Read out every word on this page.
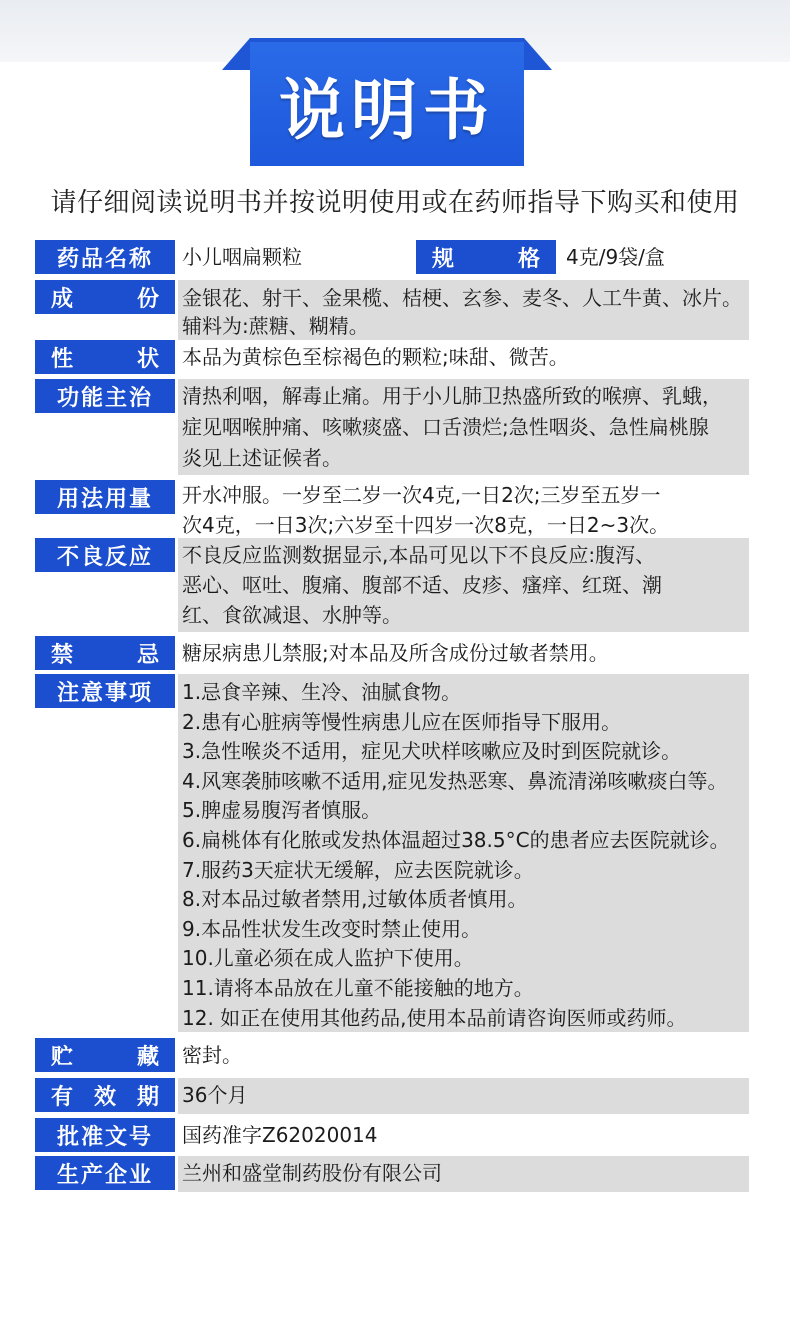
说明书
请仔细阅读说明书并按说明使用或在药师指导下购买和使用
药品名称	小儿咽扁颗粒	规	格 4克/9袋/盒
成	份 金银花、射干、金果榄、桔梗、玄参、麦冬、人工牛黄、冰片。
辅料为:蔗糖、糊精。
性	状 本品为黄棕色至棕褐色的颗粒;味甜、微苦。
功能主治	清热利咽，解毒止痛。用于小儿肺卫热盛所致的喉痹、乳蛾，
症见咽喉肿痛、咳嗽痰盛、口舌溃烂;急性咽炎、急性扁桃腺
炎见上述证候者。
用法用量	开水冲服。一岁至二岁一次4克,一日2次;三岁至五岁一
次4克，一日3次;六岁至十四岁一次8克，一日2~3次。
不良反应	不良反应监测数据显示,本品可见以下不良反应:腹泻、
恶心、呕吐、腹痛、腹部不适、皮疹、瘙痒、红斑、潮
红、食欲减退、水肿等。
禁	忌 糖尿病患儿禁服;对本品及所含成份过敏者禁用。
注意事项	1.忌食辛辣、生冷、油腻食物。
2.患有心脏病等慢性病患儿应在医师指导下服用。
3.急性喉炎不适用，症见犬吠样咳嗽应及时到医院就诊。
4.风寒袭肺咳嗽不适用,症见发热恶寒、鼻流清涕咳嗽痰白等。
5.脾虚易腹泻者慎服。
6.扁桃体有化脓或发热体温超过38.5°C的患者应去医院就诊。
7.服药3天症状无缓解，应去医院就诊。
8.对本品过敏者禁用,过敏体质者慎用。
9.本品性状发生改变时禁止使用。
10.儿童必须在成人监护下使用。
11.请将本品放在儿童不能接触的地方。
12. 如正在使用其他药品,使用本品前请咨询医师或药师。
贮	藏 密封。
有 效 期 36个月
批准文号	国药准字Z62020014
生产企业	兰州和盛堂制药股份有限公司
